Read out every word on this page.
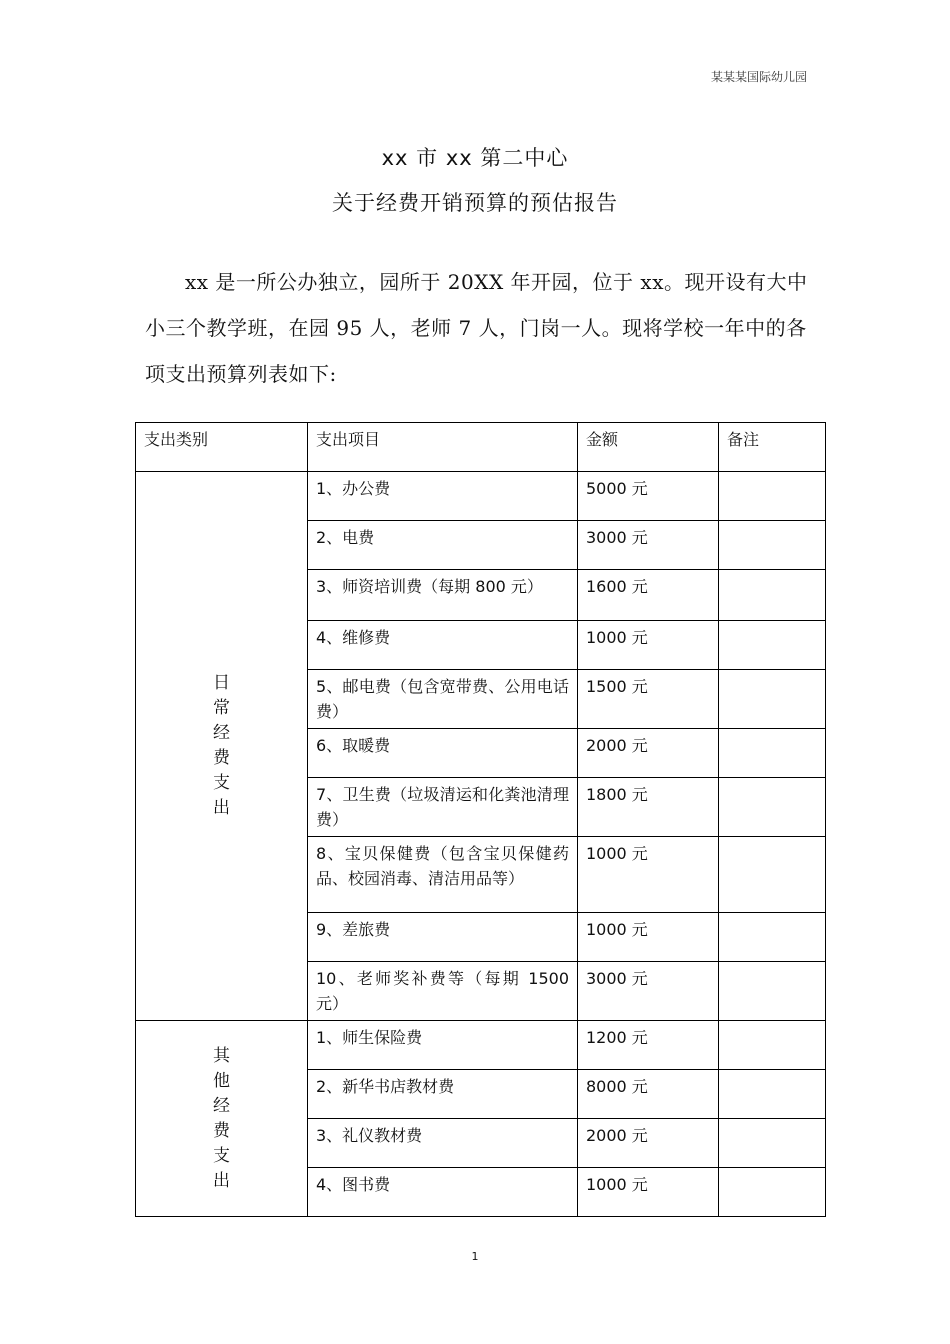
某某某国际幼儿园
xx 市 xx 第二中心
关于经费开销预算的预估报告

xx 是一所公办独立，园所于 20XX 年开园，位于 xx。现开设有大中小三个教学班，在园 95 人，老师 7 人，门岗一人。现将学校一年中的各项支出预算列表如下:

支出类别	支出项目	金额	备注
日常经费支出	1、办公费	5000 元	
	2、电费	3000 元	
	3、师资培训费（每期 800 元）	1600 元	
	4、维修费	1000 元	
	5、邮电费（包含宽带费、公用电话费）	1500 元	
	6、取暖费	2000 元	
	7、卫生费（垃圾清运和化粪池清理费）	1800 元	
	8、宝贝保健费（包含宝贝保健药品、校园消毒、清洁用品等）	1000 元	
	9、差旅费	1000 元	
	10、老师奖补费等（每期 1500 元）	3000 元	
其他经费支出	1、师生保险费	1200 元	
	2、新华书店教材费	8000 元	
	3、礼仪教材费	2000 元	
	4、图书费	1000 元	
1
